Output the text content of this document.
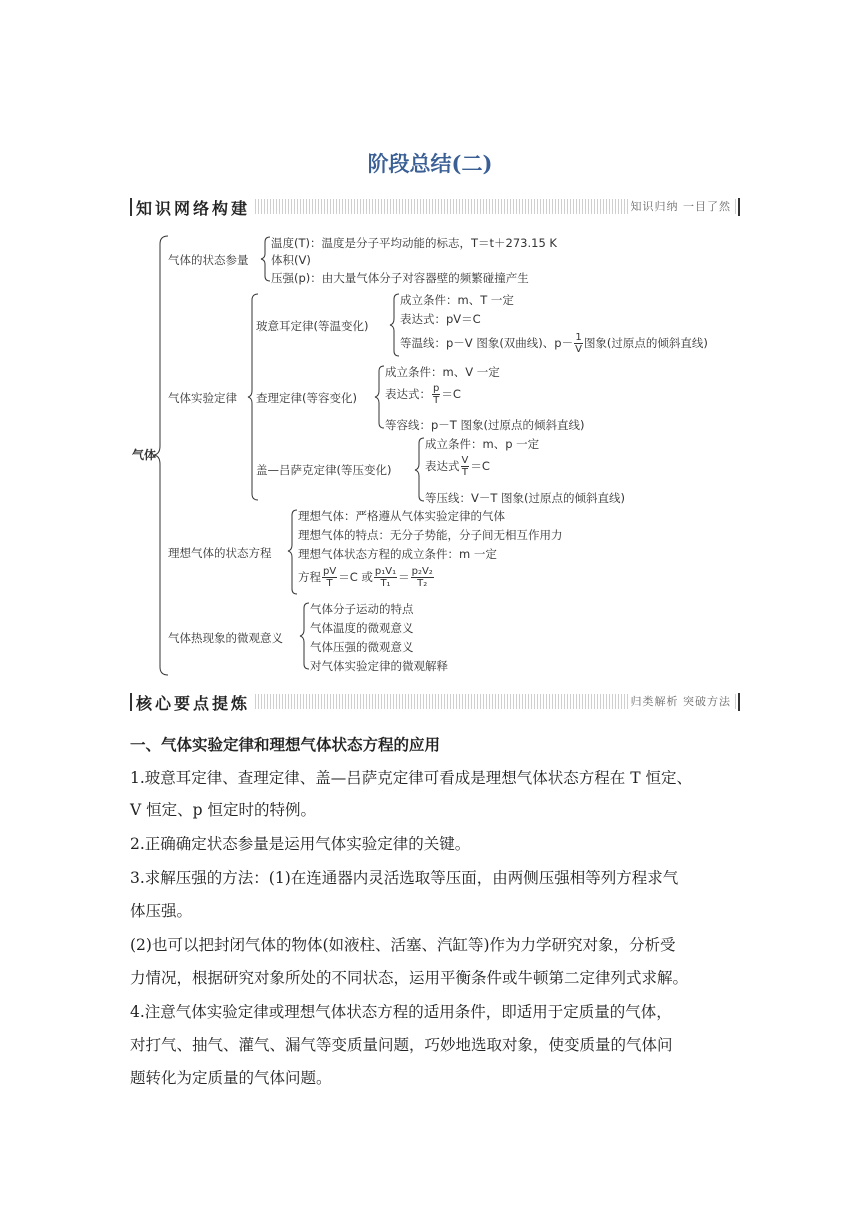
阶段总结(二)
知识网络构建	知识归纳 一目了然
气体
气体的状态参量
温度(T)：温度是分子平均动能的标志，T＝t＋273.15 K
体积(V)
压强(p)：由大量气体分子对容器壁的频繁碰撞产生
气体实验定律
玻意耳定律(等温变化)
成立条件：m、T 一定
表达式：pV＝C
等温线：p－V 图象(双曲线)、$p- \frac{1}{V}$ 图象(过原点的倾斜直线)
查理定律(等容变化)
成立条件：m、V 一定
表达式： $\frac{p}{T} =C$
等容线：p－T 图象(过原点的倾斜直线)
盖—吕萨克定律(等压变化)
成立条件：m、p 一定
表达式 $\frac{V}{T} =C$
等压线：V－T 图象(过原点的倾斜直线)
理想气体的状态方程
理想气体：严格遵从气体实验定律的气体
理想气体的特点：无分子势能，分子间无相互作用力
理想气体状态方程的成立条件：m 一定
方程 $\frac{pV}{T} =C$ 或 $\frac{\text{p₁V₁}}{\text{T₁}} = \frac{\text{p₂V₂}}{\text{T₂}}$
气体热现象的微观意义
气体分子运动的特点
气体温度的微观意义
气体压强的微观意义
对气体实验定律的微观解释
核心要点提炼	归类解析 突破方法
一、气体实验定律和理想气体状态方程的应用
1.玻意耳定律、查理定律、盖—吕萨克定律可看成是理想气体状态方程在 T 恒定、
V 恒定、p 恒定时的特例。
2.正确确定状态参量是运用气体实验定律的关键。
3.求解压强的方法：(1)在连通器内灵活选取等压面，由两侧压强相等列方程求气
体压强。
(2)也可以把封闭气体的物体(如液柱、活塞、汽缸等)作为力学研究对象，分析受
力情况，根据研究对象所处的不同状态，运用平衡条件或牛顿第二定律列式求解。
4.注意气体实验定律或理想气体状态方程的适用条件，即适用于定质量的气体，
对打气、抽气、灌气、漏气等变质量问题，巧妙地选取对象，使变质量的气体问
题转化为定质量的气体问题。
